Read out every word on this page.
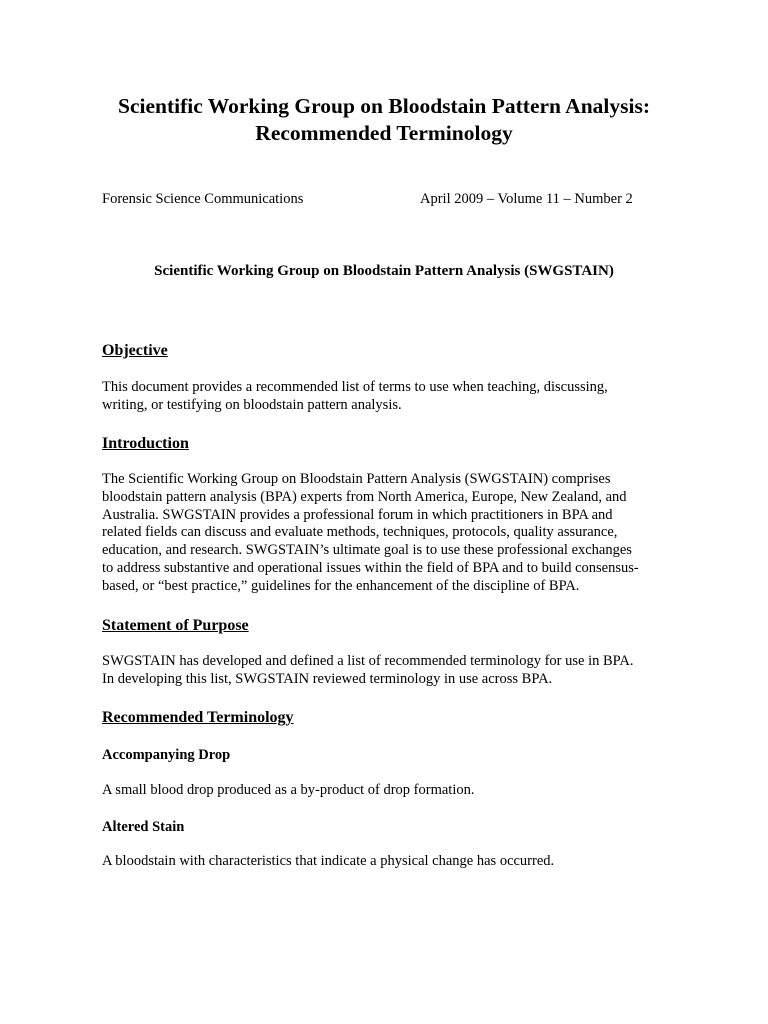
Scientific Working Group on Bloodstain Pattern Analysis:
Recommended Terminology
Forensic Science Communications	April 2009 – Volume 11 – Number 2
Scientific Working Group on Bloodstain Pattern Analysis (SWGSTAIN)
Objective
This document provides a recommended list of terms to use when teaching, discussing,
writing, or testifying on bloodstain pattern analysis.
Introduction
The Scientific Working Group on Bloodstain Pattern Analysis (SWGSTAIN) comprises
bloodstain pattern analysis (BPA) experts from North America, Europe, New Zealand, and
Australia. SWGSTAIN provides a professional forum in which practitioners in BPA and
related fields can discuss and evaluate methods, techniques, protocols, quality assurance,
education, and research. SWGSTAIN’s ultimate goal is to use these professional exchanges
to address substantive and operational issues within the field of BPA and to build consensus-
based, or “best practice,” guidelines for the enhancement of the discipline of BPA.
Statement of Purpose
SWGSTAIN has developed and defined a list of recommended terminology for use in BPA.
In developing this list, SWGSTAIN reviewed terminology in use across BPA.
Recommended Terminology
Accompanying Drop
A small blood drop produced as a by-product of drop formation.
Altered Stain
A bloodstain with characteristics that indicate a physical change has occurred.
